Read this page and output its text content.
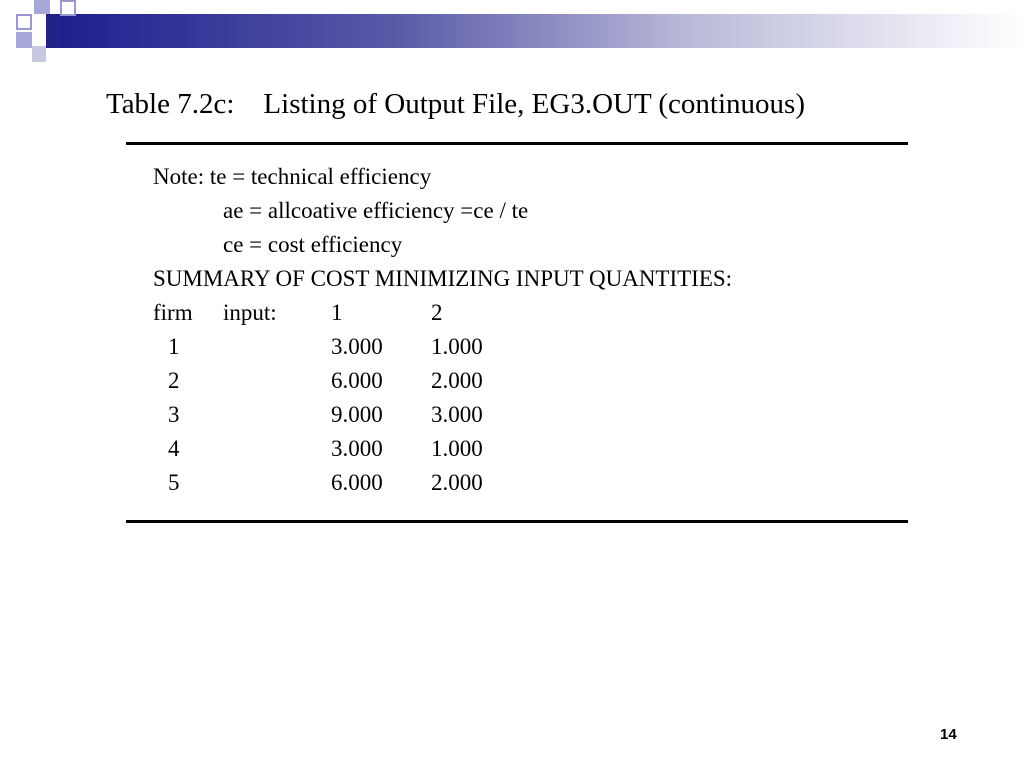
Table 7.2c:    Listing of Output File, EG3.OUT (continuous)
Note: te = technical efficiency
ae = allcoative efficiency =ce / te
ce = cost efficiency
SUMMARY OF COST MINIMIZING INPUT QUANTITIES:
firm input: 1	2
1	3.000 1.000
2	6.000 2.000
3	9.000 3.000
4	3.000 1.000
5	6.000 2.000
14
